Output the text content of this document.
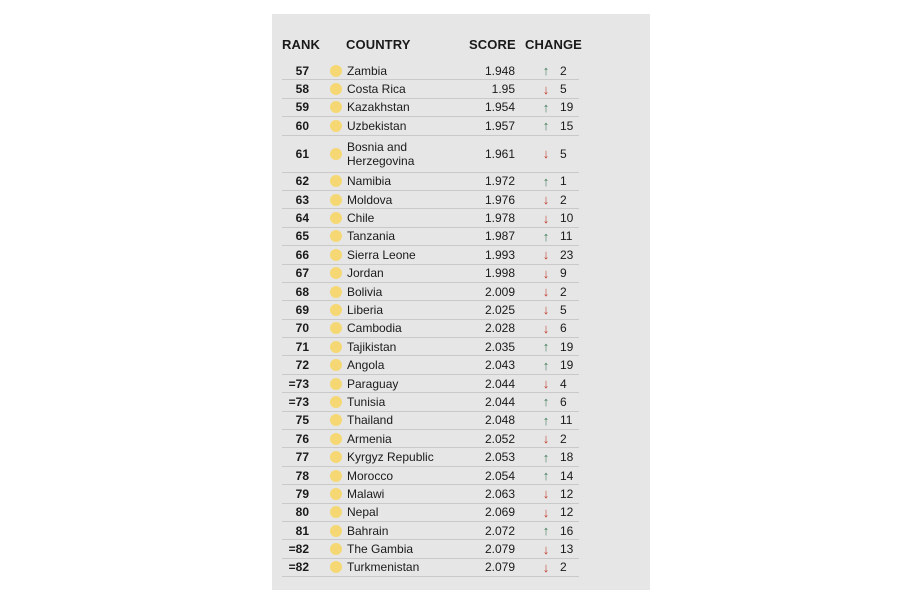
RANK COUNTRY	SCORE CHANGE
57	Zambia	1.948 ↑ 2
58	Costa Rica	1.95 ↓ 5
59	Kazakhstan	1.954 ↑ 19
60	Uzbekistan	1.957 ↑ 15
61	Bosnia and Herzegovina	1.961 ↓ 5
62	Namibia	1.972 ↑ 1
63	Moldova	1.976 ↓ 2
64	Chile	1.978 ↓ 10
65	Tanzania	1.987 ↑ 11
66	Sierra Leone	1.993 ↓ 23
67	Jordan	1.998 ↓ 9
68	Bolivia	2.009 ↓ 2
69	Liberia	2.025 ↓ 5
70	Cambodia	2.028 ↓ 6
71	Tajikistan	2.035 ↑ 19
72	Angola	2.043 ↑ 19
=73	Paraguay	2.044 ↓ 4
=73	Tunisia	2.044 ↑ 6
75	Thailand	2.048 ↑ 11
76	Armenia	2.052 ↓ 2
77	Kyrgyz Republic	2.053 ↑ 18
78	Morocco	2.054 ↑ 14
79	Malawi	2.063 ↓ 12
80	Nepal	2.069 ↓ 12
81	Bahrain	2.072 ↑ 16
=82	The Gambia	2.079 ↓ 13
=82	Turkmenistan	2.079 ↓ 2
